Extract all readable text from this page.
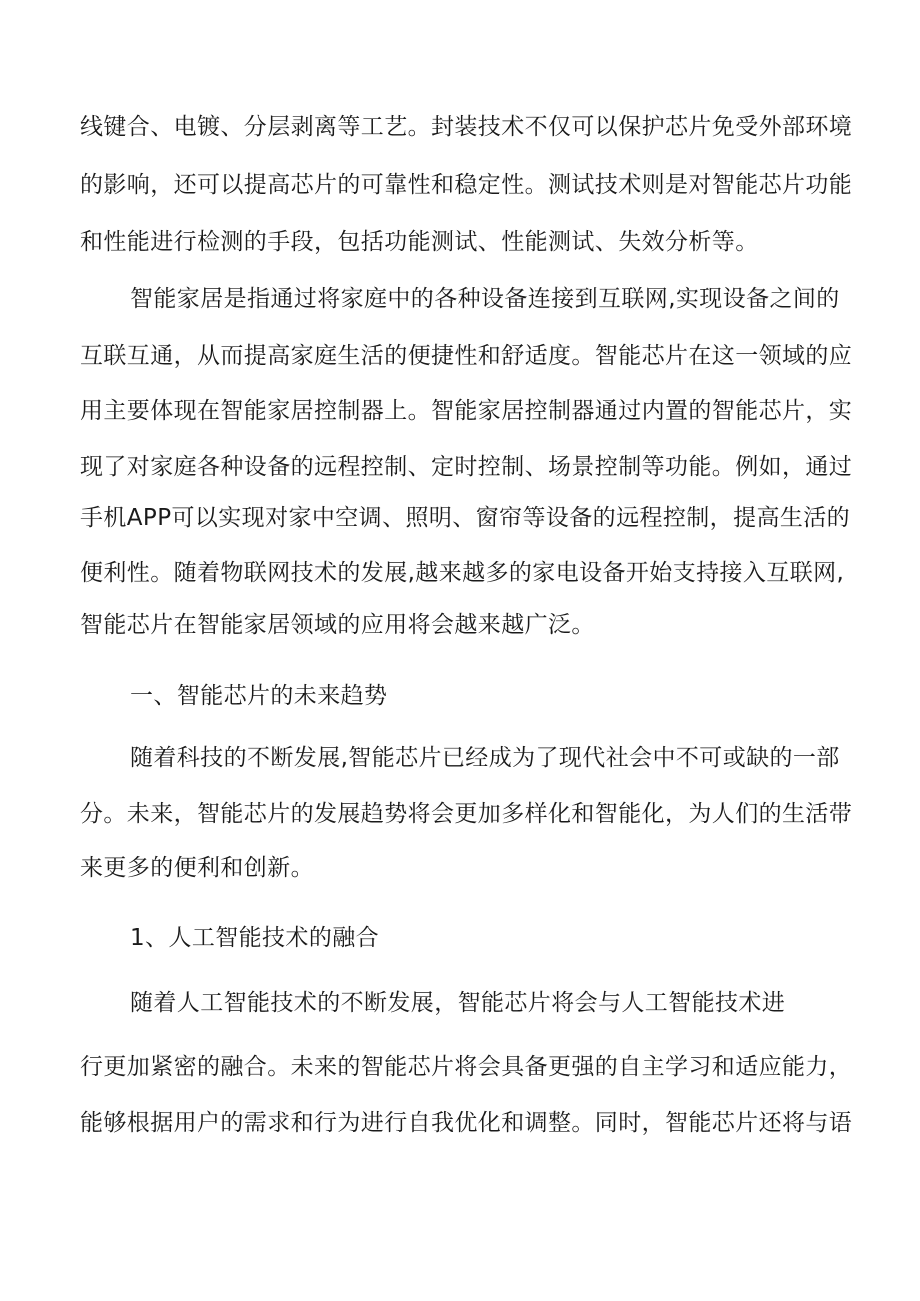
线键合、电镀、分层剥离等工艺。封装技术不仅可以保护芯片免受外部环境
的影响，还可以提高芯片的可靠性和稳定性。测试技术则是对智能芯片功能
和性能进行检测的手段，包括功能测试、性能测试、失效分析等。
智能家居是指通过将家庭中的各种设备连接到互联网,实现设备之间的
互联互通，从而提高家庭生活的便捷性和舒适度。智能芯片在这一领域的应
用主要体现在智能家居控制器上。智能家居控制器通过内置的智能芯片，实
现了对家庭各种设备的远程控制、定时控制、场景控制等功能。例如，通过
手机APP可以实现对家中空调、照明、窗帘等设备的远程控制，提高生活的
便利性。随着物联网技术的发展,越来越多的家电设备开始支持接入互联网,
智能芯片在智能家居领域的应用将会越来越广泛。
一、智能芯片的未来趋势
随着科技的不断发展,智能芯片已经成为了现代社会中不可或缺的一部
分。未来，智能芯片的发展趋势将会更加多样化和智能化，为人们的生活带
来更多的便利和创新。
1、人工智能技术的融合
随着人工智能技术的不断发展，智能芯片将会与人工智能技术进
行更加紧密的融合。未来的智能芯片将会具备更强的自主学习和适应能力，
能够根据用户的需求和行为进行自我优化和调整。同时，智能芯片还将与语
